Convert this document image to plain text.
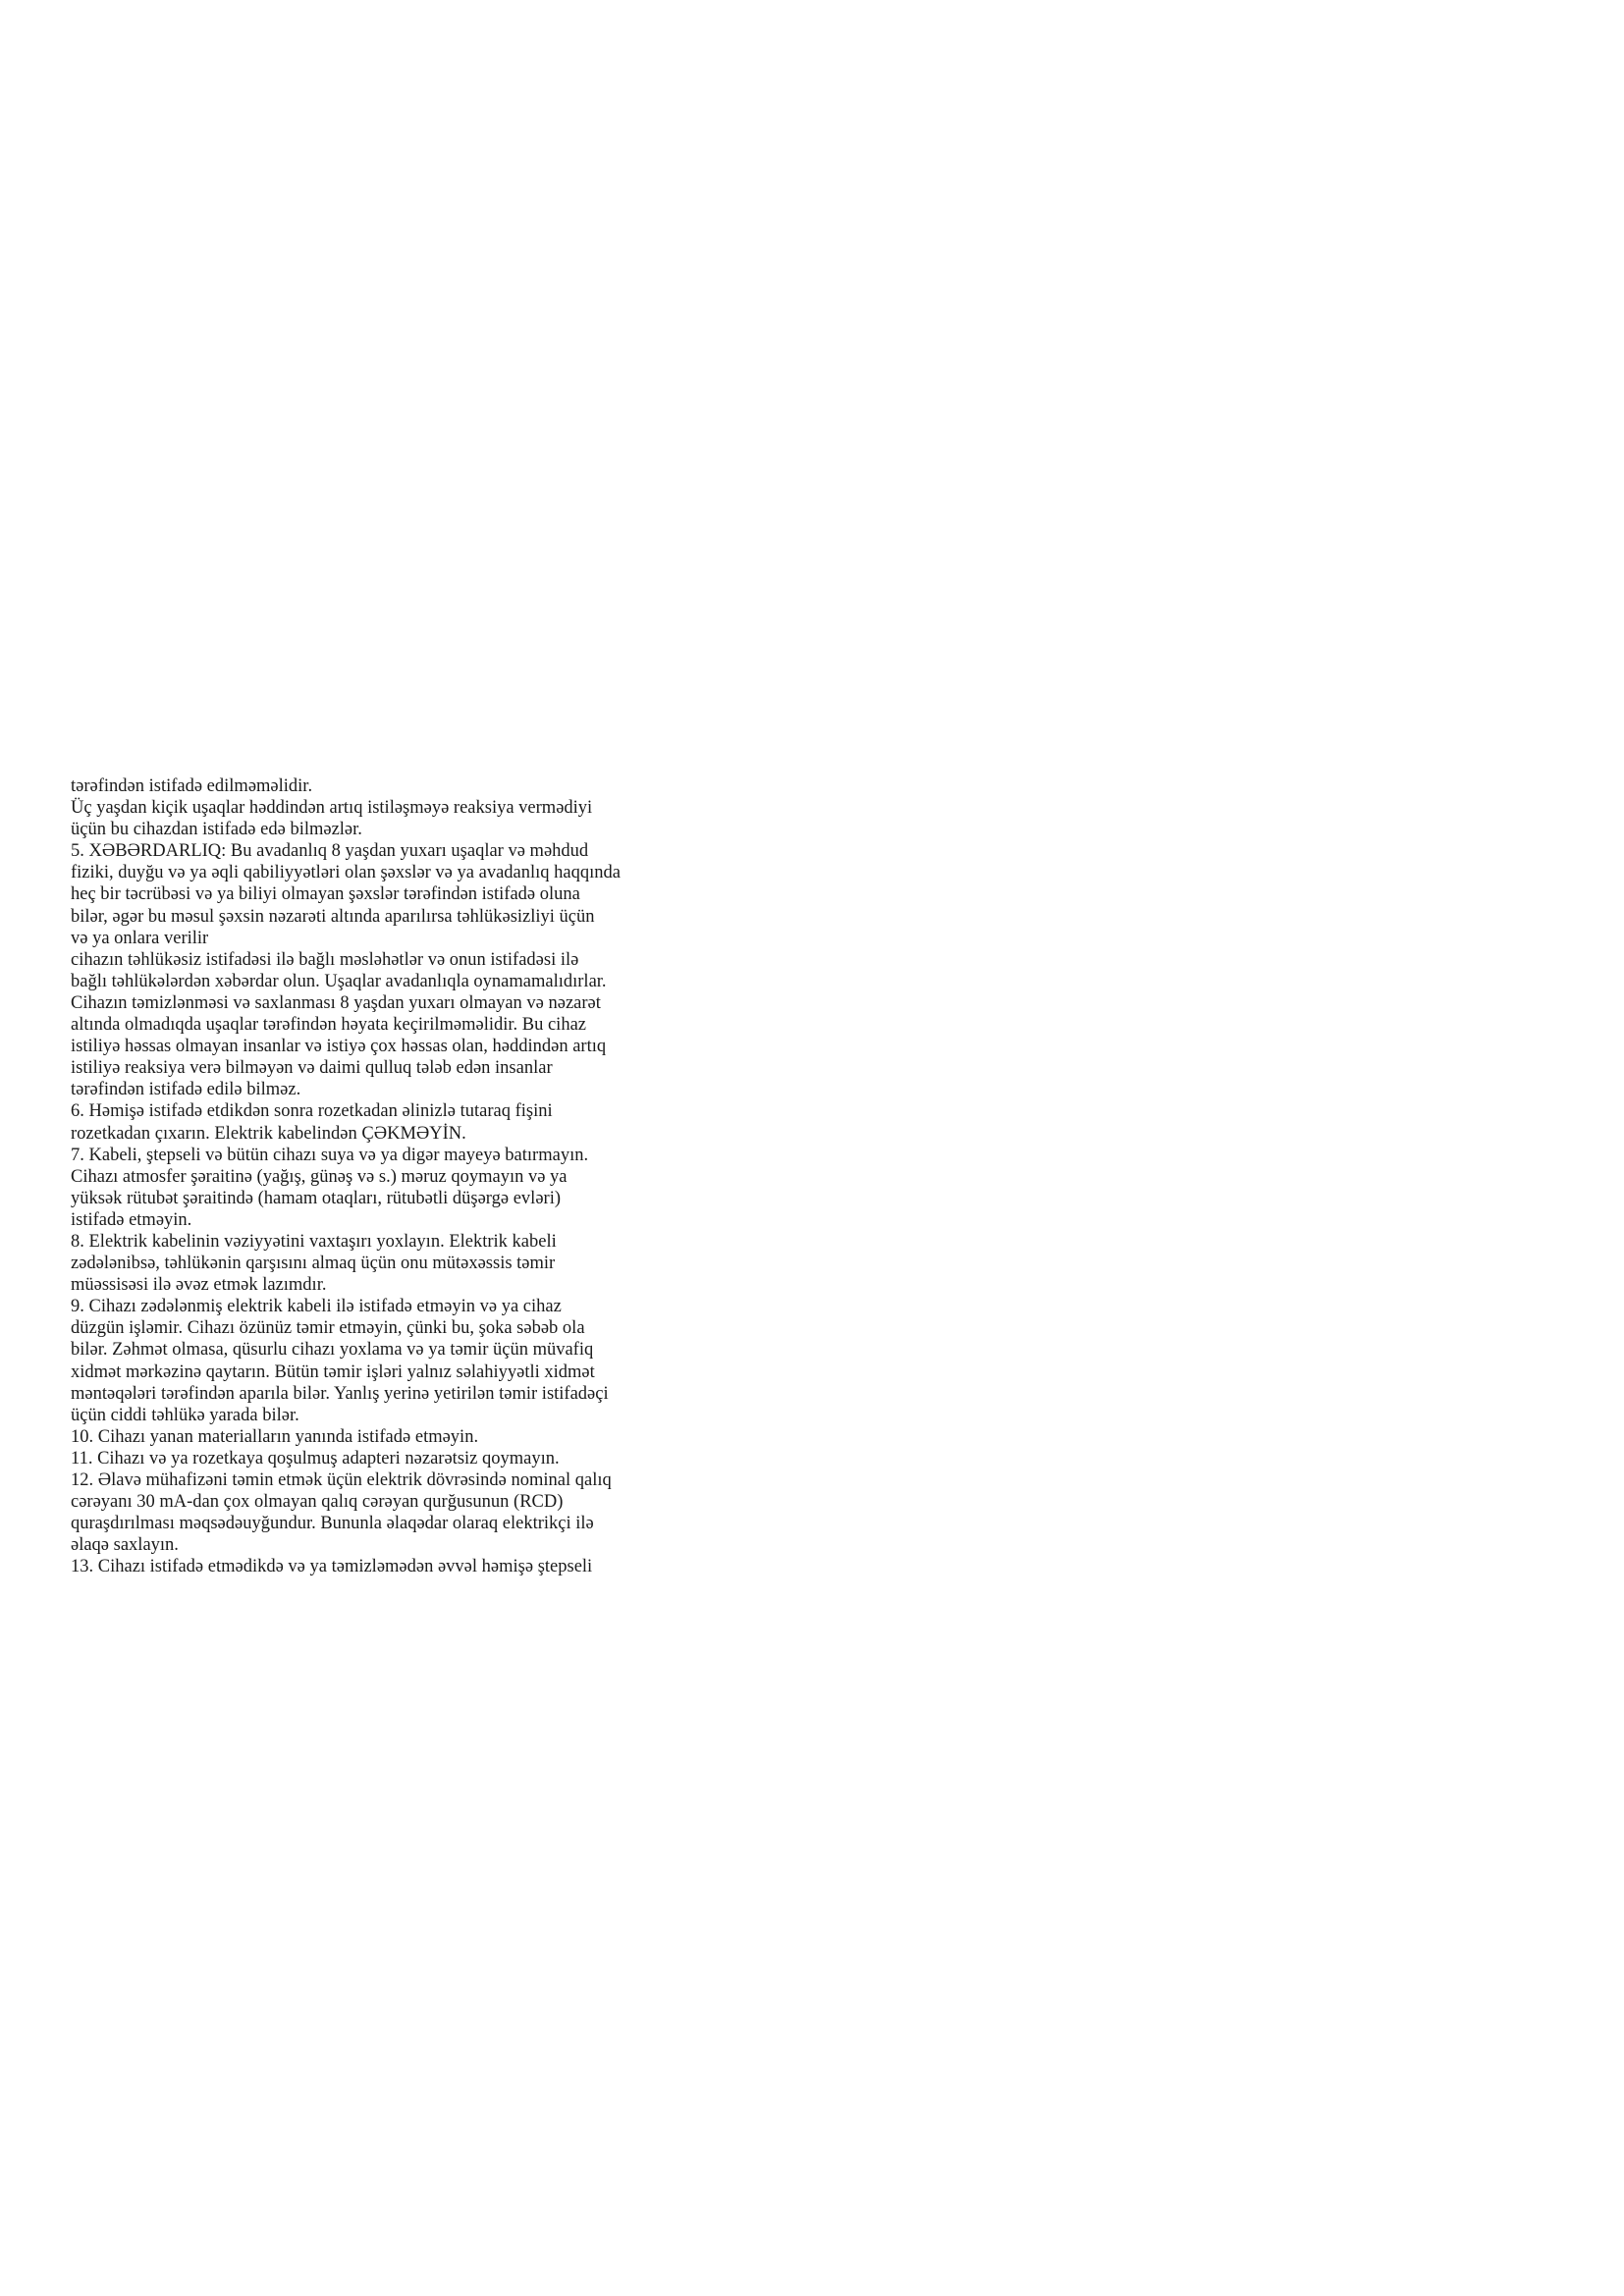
tərəfindən istifadə edilməməlidir.
Üç yaşdan kiçik uşaqlar həddindən artıq istiləşməyə reaksiya vermədiyi
üçün bu cihazdan istifadə edə bilməzlər.
5. XƏBƏRDARLIQ: Bu avadanlıq 8 yaşdan yuxarı uşaqlar və məhdud
fiziki, duyğu və ya əqli qabiliyyətləri olan şəxslər və ya avadanlıq haqqında
heç bir təcrübəsi və ya biliyi olmayan şəxslər tərəfindən istifadə oluna
bilər, əgər bu məsul şəxsin nəzarəti altında aparılırsa təhlükəsizliyi üçün
və ya onlara verilir
cihazın təhlükəsiz istifadəsi ilə bağlı məsləhətlər və onun istifadəsi ilə
bağlı təhlükələrdən xəbərdar olun. Uşaqlar avadanlıqla oynamamalıdırlar.
Cihazın təmizlənməsi və saxlanması 8 yaşdan yuxarı olmayan və nəzarət
altında olmadıqda uşaqlar tərəfindən həyata keçirilməməlidir. Bu cihaz
istiliyə həssas olmayan insanlar və istiyə çox həssas olan, həddindən artıq
istiliyə reaksiya verə bilməyən və daimi qulluq tələb edən insanlar
tərəfindən istifadə edilə bilməz.
6. Həmişə istifadə etdikdən sonra rozetkadan əlinizlə tutaraq fişini
rozetkadan çıxarın. Elektrik kabelindən ÇƏKMƏYİN.
7. Kabeli, ştepseli və bütün cihazı suya və ya digər mayeyə batırmayın.
Cihazı atmosfer şəraitinə (yağış, günəş və s.) məruz qoymayın və ya
yüksək rütubət şəraitində (hamam otaqları, rütubətli düşərgə evləri)
istifadə etməyin.
8. Elektrik kabelinin vəziyyətini vaxtaşırı yoxlayın. Elektrik kabeli
zədələnibsə, təhlükənin qarşısını almaq üçün onu mütəxəssis təmir
müəssisəsi ilə əvəz etmək lazımdır.
9. Cihazı zədələnmiş elektrik kabeli ilə istifadə etməyin və ya cihaz
düzgün işləmir. Cihazı özünüz təmir etməyin, çünki bu, şoka səbəb ola
bilər. Zəhmət olmasa, qüsurlu cihazı yoxlama və ya təmir üçün müvafiq
xidmət mərkəzinə qaytarın. Bütün təmir işləri yalnız səlahiyyətli xidmət
məntəqələri tərəfindən aparıla bilər. Yanlış yerinə yetirilən təmir istifadəçi
üçün ciddi təhlükə yarada bilər.
10. Cihazı yanan materialların yanında istifadə etməyin.
11. Cihazı və ya rozetkaya qoşulmuş adapteri nəzarətsiz qoymayın.
12. Əlavə mühafizəni təmin etmək üçün elektrik dövrəsində nominal qalıq
cərəyanı 30 mA-dan çox olmayan qalıq cərəyan qurğusunun (RCD)
quraşdırılması məqsədəuyğundur. Bununla əlaqədar olaraq elektrikçi ilə
əlaqə saxlayın.
13. Cihazı istifadə etmədikdə və ya təmizləmədən əvvəl həmişə ştepseli
